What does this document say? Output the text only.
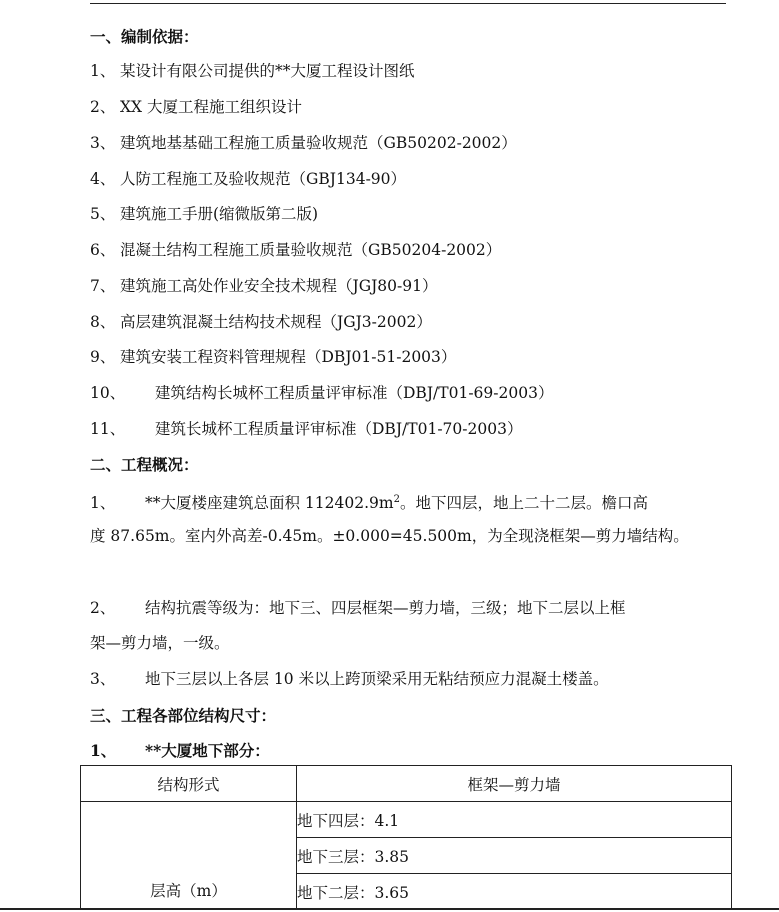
一、编制依据：
1、 某设计有限公司提供的**大厦工程设计图纸
2、 XX 大厦工程施工组织设计
3、 建筑地基基础工程施工质量验收规范（GB50202-2002）
4、 人防工程施工及验收规范（GBJ134-90）
5、 建筑施工手册(缩微版第二版)
6、 混凝土结构工程施工质量验收规范（GB50204-2002）
7、 建筑施工高处作业安全技术规程（JGJ80-91）
8、 高层建筑混凝土结构技术规程（JGJ3-2002）
9、 建筑安装工程资料管理规程（DBJ01-51-2003）
10、 建筑结构长城杯工程质量评审标准（DBJ/T01-69-2003）
11、 建筑长城杯工程质量评审标准（DBJ/T01-70-2003）
二、工程概况：
1、 **大厦楼座建筑总面积 $112402.9m^2$。地下四层，地上二十二层。檐口高
度 87.65m。室内外高差-0.45m。±0.000=45.500m，为全现浇框架—剪力墙结构。
2、 结构抗震等级为：地下三、四层框架—剪力墙，三级；地下二层以上框
架—剪力墙，一级。
3、 地下三层以上各层 10 米以上跨顶梁采用无粘结预应力混凝土楼盖。
三、工程各部位结构尺寸：
1、 **大厦地下部分：
结构形式	框架—剪力墙
层高（m）	地下四层：4.1
	地下三层：3.85
	地下二层：3.65
